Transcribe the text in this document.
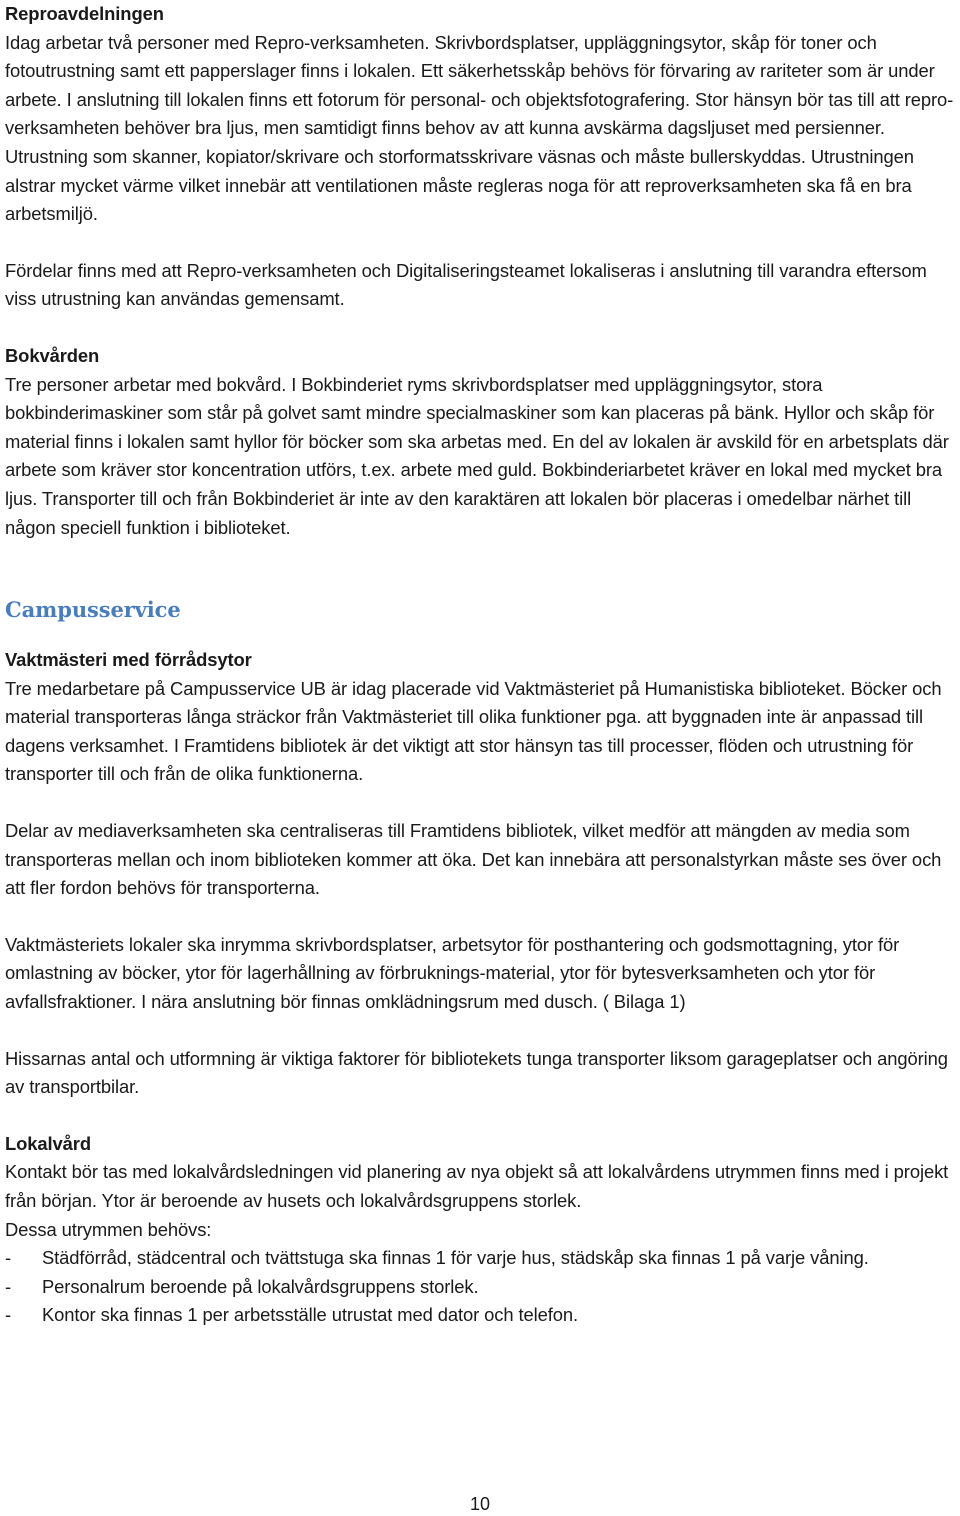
Reproavdelningen

Idag arbetar två personer med Repro-verksamheten. Skrivbordsplatser, uppläggningsytor, skåp för toner och fotoutrustning samt ett papperslager finns i lokalen. Ett säkerhetsskåp behövs för förvaring av rariteter som är under arbete. I anslutning till lokalen finns ett fotorum för personal- och objektsfotografering. Stor hänsyn bör tas till att repro-verksamheten behöver bra ljus, men samtidigt finns behov av att kunna avskärma dagsljuset med persienner. Utrustning som skanner, kopiator/skrivare och storformatsskrivare väsnas och måste bullerskyddas. Utrustningen alstrar mycket värme vilket innebär att ventilationen måste regleras noga för att reproverksamheten ska få en bra arbetsmiljö.

Fördelar finns med att Repro-verksamheten och Digitaliseringsteamet lokaliseras i anslutning till varandra eftersom viss utrustning kan användas gemensamt.

Bokvården

Tre personer arbetar med bokvård. I Bokbinderiet ryms skrivbordsplatser med uppläggningsytor, stora bokbinderimaskiner som står på golvet samt mindre specialmaskiner som kan placeras på bänk. Hyllor och skåp för material finns i lokalen samt hyllor för böcker som ska arbetas med. En del av lokalen är avskild för en arbetsplats där arbete som kräver stor koncentration utförs, t.ex. arbete med guld. Bokbinderiarbetet kräver en lokal med mycket bra ljus. Transporter till och från Bokbinderiet är inte av den karaktären att lokalen bör placeras i omedelbar närhet till någon speciell funktion i biblioteket.

Campusservice

Vaktmästeri med förrådsytor

Tre medarbetare på Campusservice UB är idag placerade vid Vaktmästeriet på Humanistiska biblioteket. Böcker och material transporteras långa sträckor från Vaktmästeriet till olika funktioner pga. att byggnaden inte är anpassad till dagens verksamhet. I Framtidens bibliotek är det viktigt att stor hänsyn tas till processer, flöden och utrustning för transporter till och från de olika funktionerna.

Delar av mediaverksamheten ska centraliseras till Framtidens bibliotek, vilket medför att mängden av media som transporteras mellan och inom biblioteken kommer att öka. Det kan innebära att personalstyrkan måste ses över och att fler fordon behövs för transporterna.

Vaktmästeriets lokaler ska inrymma skrivbordsplatser, arbetsytor för posthantering och godsmottagning, ytor för omlastning av böcker, ytor för lagerhållning av förbruknings-material, ytor för bytesverksamheten och ytor för avfallsfraktioner. I nära anslutning bör finnas omklädningsrum med dusch. ( Bilaga 1)

Hissarnas antal och utformning är viktiga faktorer för bibliotekets tunga transporter liksom garageplatser och angöring av transportbilar.

Lokalvård

Kontakt bör tas med lokalvårdsledningen vid planering av nya objekt så att lokalvårdens utrymmen finns med i projekt från början. Ytor är beroende av husets och lokalvårdsgruppens storlek.

Dessa utrymmen behövs:

- Städförråd, städcentral och tvättstuga ska finnas 1 för varje hus, städskåp ska finnas 1 på varje våning.
- Personalrum beroende på lokalvårdsgruppens storlek.
- Kontor ska finnas 1 per arbetsställe utrustat med dator och telefon.
10
